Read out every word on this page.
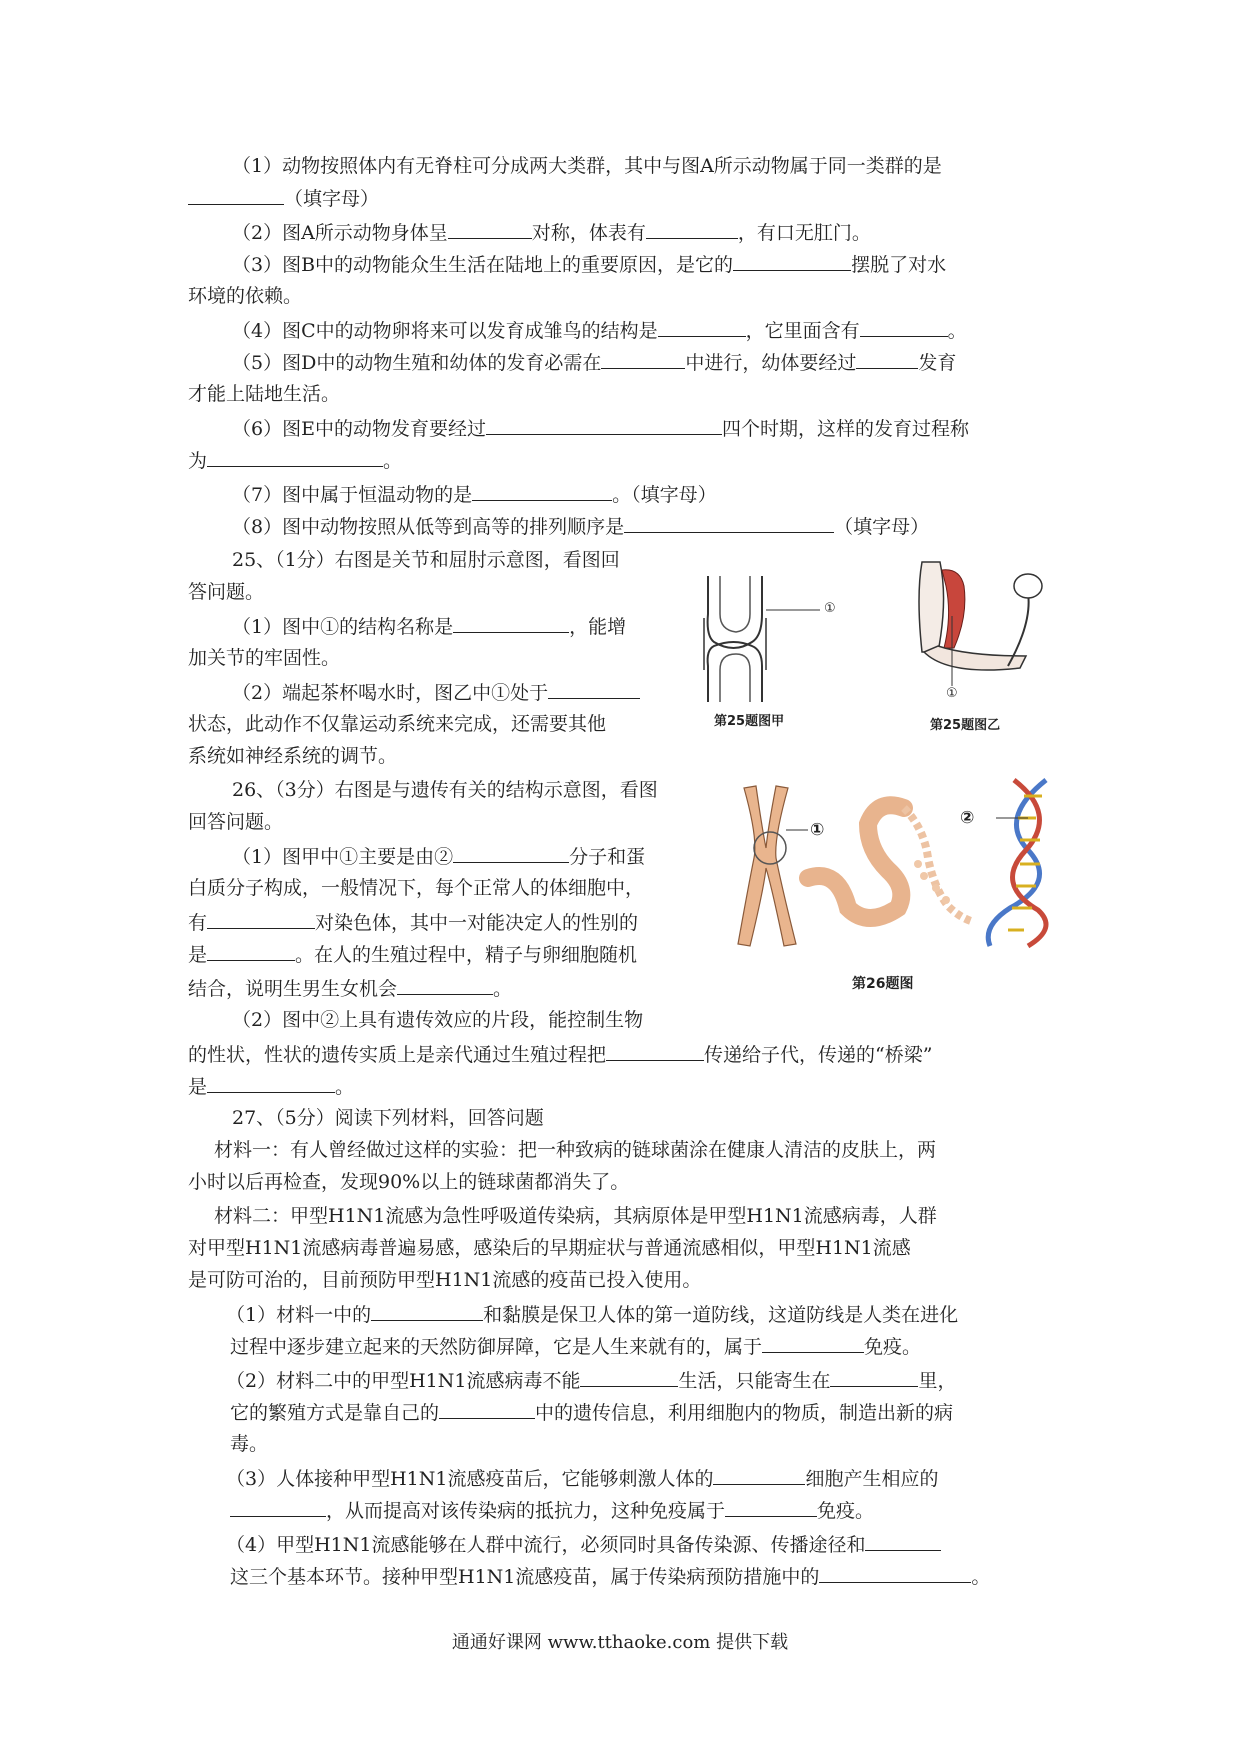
（1）动物按照体内有无脊柱可分成两大类群，其中与图A所示动物属于同一类群的是
（填字母）
（2）图A所示动物身体呈	对称，体表有	，有口无肛门。
（3）图B中的动物能众生生活在陆地上的重要原因，是它的	摆脱了对水
环境的依赖。
（4）图C中的动物卵将来可以发育成雏鸟的结构是	，它里面含有	。
（5）图D中的动物生殖和幼体的发育必需在	中进行，幼体要经过	发育
才能上陆地生活。
（6）图E中的动物发育要经过	四个时期，这样的发育过程称
为	。
（7）图中属于恒温动物的是	。（填字母）
（8）图中动物按照从低等到高等的排列顺序是	（填字母）
25、（1分）右图是关节和屈肘示意图，看图回
答问题。
（1）图中①的结构名称是	，能增
加关节的牢固性。
（2）端起茶杯喝水时，图乙中①处于
状态，此动作不仅靠运动系统来完成，还需要其他
系统如神经系统的调节。
①
第25题图甲
①
第25题图乙
26、（3分）右图是与遗传有关的结构示意图，看图
回答问题。
（1）图甲中①主要是由②	分子和蛋
白质分子构成，一般情况下，每个正常人的体细胞中，
有	对染色体，其中一对能决定人的性别的
是	。在人的生殖过程中，精子与卵细胞随机
结合，说明生男生女机会	。
（2）图中②上具有遗传效应的片段，能控制生物
的性状，性状的遗传实质上是亲代通过生殖过程把	传递给子代，传递的“桥梁”
是	。
①
②
第26题图
27、（5分）阅读下列材料，回答问题
材料一：有人曾经做过这样的实验：把一种致病的链球菌涂在健康人清洁的皮肤上，两
小时以后再检查，发现90%以上的链球菌都消失了。
材料二：甲型H1N1流感为急性呼吸道传染病，其病原体是甲型H1N1流感病毒，人群
对甲型H1N1流感病毒普遍易感，感染后的早期症状与普通流感相似，甲型H1N1流感
是可防可治的，目前预防甲型H1N1流感的疫苗已投入使用。
（1）材料一中的	和黏膜是保卫人体的第一道防线，这道防线是人类在进化
过程中逐步建立起来的天然防御屏障，它是人生来就有的，属于	免疫。
（2）材料二中的甲型H1N1流感病毒不能	生活，只能寄生在	里，
它的繁殖方式是靠自己的	中的遗传信息，利用细胞内的物质，制造出新的病
毒。
（3）人体接种甲型H1N1流感疫苗后，它能够刺激人体的	细胞产生相应的
，从而提高对该传染病的抵抗力，这种免疫属于	免疫。
（4）甲型H1N1流感能够在人群中流行，必须同时具备传染源、传播途径和
这三个基本环节。接种甲型H1N1流感疫苗，属于传染病预防措施中的	。
通通好课网 www.tthaoke.com 提供下载
